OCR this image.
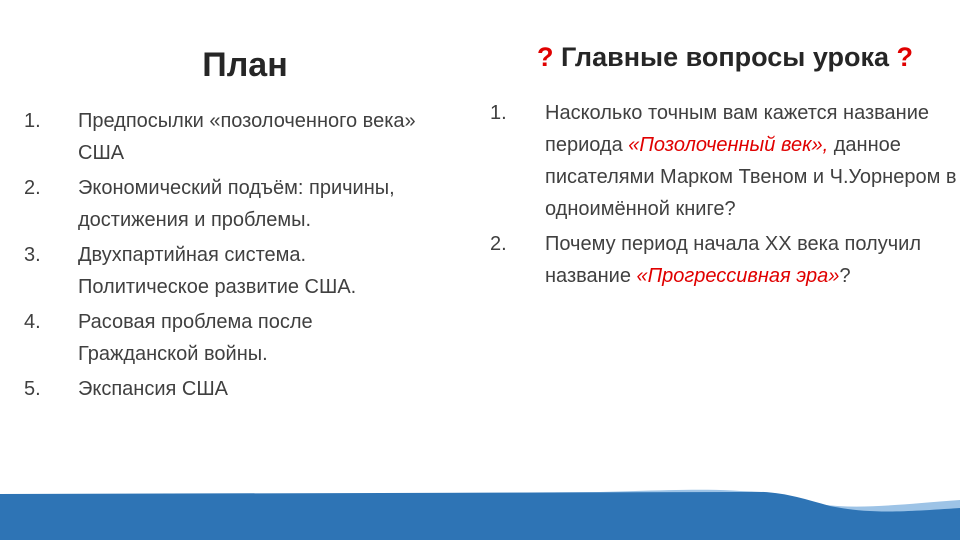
План	? Главные вопросы урока ?
1. Предпосылки «позолоченного века» США
2. Экономический подъём: причины, достижения и проблемы.
3. Двухпартийная система. Политическое развитие США.
4. Расовая проблема после Гражданской войны.
5. Экспансия США
1. Насколько точным вам кажется название периода «Позолоченный век», данное писателями Марком Твеном и Ч.Уорнером в одноимённой книге?
2. Почему период начала ХХ века получил название «Прогрессивная эра»?
